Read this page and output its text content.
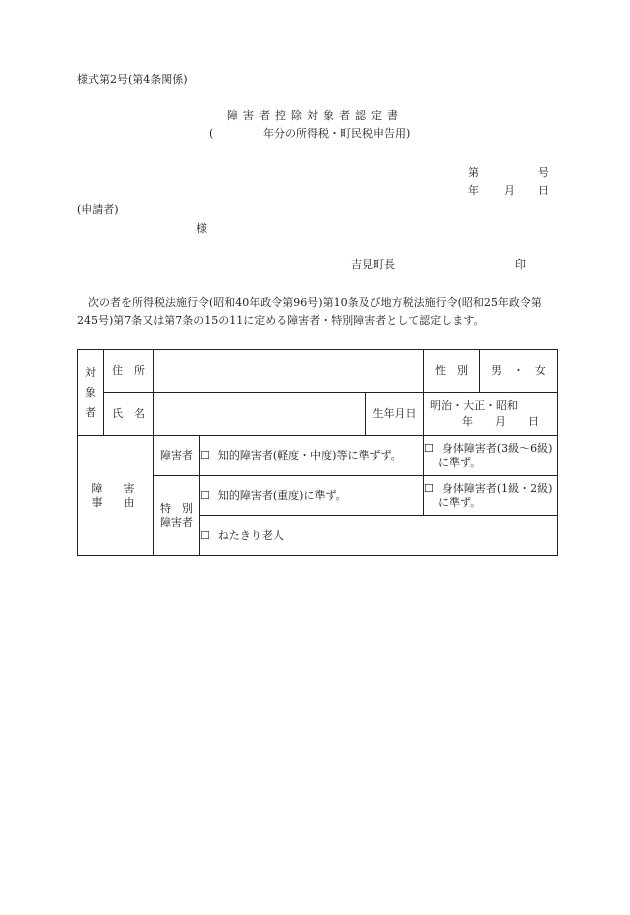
様式第2号(第4条関係)
障害者控除対象者認定書
(	年分の所得税・町民税申告用)
第	号
年 月 日
(申請者)
様
吉見町長	印
次の者を所得税法施行令(昭和40年政令第96号)第10条及び地方税法施行令(昭和25年政令第245号)第7条又は第7条の15の11に定める障害者・特別障害者として認定します。
対
象
者	住　所				性　別	男　・　女
	氏　名			生年月日	明治・大正・昭和
年　　月　　日	

障　害　事　由		障害者	☐ 知的障害者(軽度・中度)等に準ずず。		☐ 身体障害者(3級～6級)に準ず。	

		特　別
障害者	☐ 知的障害者(重度)に準ず。		☐ 身体障害者(1級・2級)に準ず。	

			☐ ねたきり老人			
